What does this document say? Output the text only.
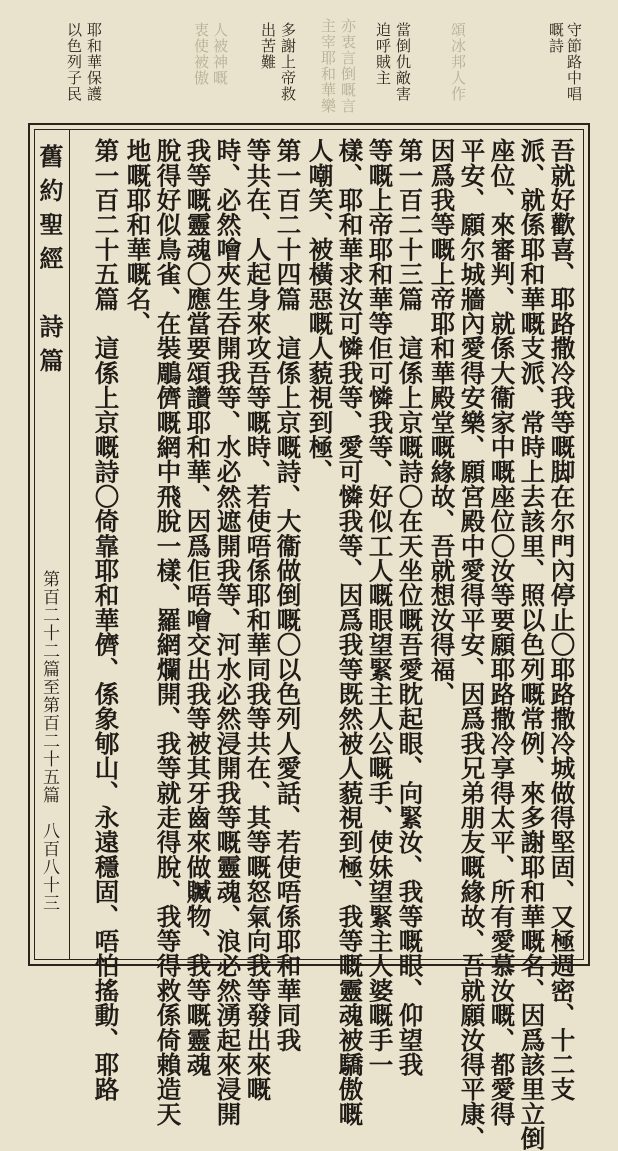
守節路中唱
嘅詩
頌冰邦人作
當倒仇敵害
迫呼賊主
亦衷言倒嘅言
主宰耶和華樂
多謝上帝救
出苦難
人被神嘅
衷使被傲
耶和華保護
以色列子民
舊約聖經　詩篇
第百二十二篇至第百二十五篇　八百八十三	吾就好歡喜、耶路撒冷我等嘅脚在尔門內停止〇耶路撒冷城做得堅固、又極週密、十二支
派、就係耶和華嘅支派、常時上去該里、照以色列嘅常例、來多謝耶和華嘅名、因爲該里立倒
座位、來審判、就係大衞家中嘅座位〇汝等要願耶路撒冷享得太平、所有愛慕汝嘅、都愛得
平安、願尔城牆內愛得安樂、願宮殿中愛得平安、因爲我兄弟朋友嘅緣故、吾就願汝得平康、
因爲我等嘅上帝耶和華殿堂嘅緣故、吾就想汝得福、
第一百二十三篇　這係上京嘅詩〇在天坐位嘅吾愛眈起眼、向緊汝、我等嘅眼、仰望我
等嘅上帝耶和華等佢可憐我等、好似工人嘅眼望緊主人公嘅手、使妹望緊主人婆嘅手一
樣、耶和華求汝可憐我等、愛可憐我等、因爲我等既然被人藐視到極、我等嘅靈魂被驕傲嘅
人嘲笑、被橫惡嘅人藐視到極、
第一百二十四篇　這係上京嘅詩、大衞做倒嘅〇以色列人愛話、若使唔係耶和華同我
等共在、人起身來攻吾等嘅時、若使唔係耶和華同我等共在、其等嘅怒氣向我等發出來嘅
時、必然噲夾生吞開我等、水必然遮開我等、河水必然浸開我等嘅靈魂、浪必然湧起來浸開
我等嘅靈魂〇應當要頌讚耶和華、因爲佢唔噲交出我等被其牙齒來做贓物、我等嘅靈魂
脫得好似鳥雀、在裝鵰儕嘅網中飛脫一樣、羅網爛開、我等就走得脫、我等得救係倚賴造天
地嘅耶和華嘅名、
第一百二十五篇　這係上京嘅詩〇倚靠耶和華儕、係象郇山、永遠穩固、唔怕搖動、耶路
